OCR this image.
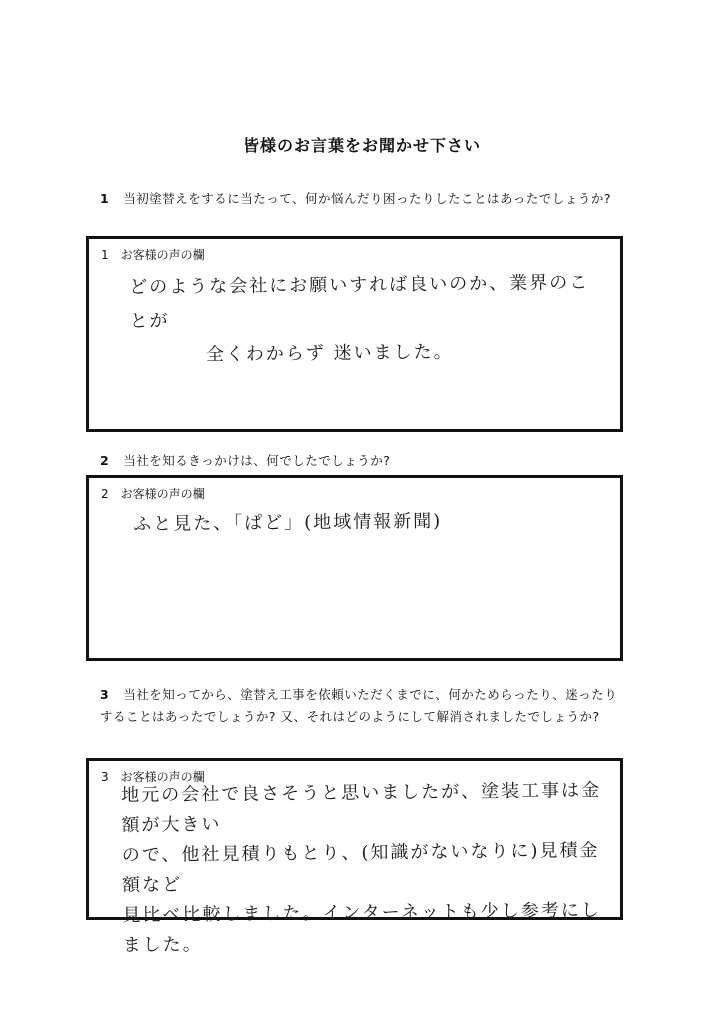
皆様のお言葉をお聞かせ下さい
1 当初塗替えをするに当たって、何か悩んだり困ったりしたことはあったでしょうか?
1 お客様の声の欄
どのような会社にお願いすれば良いのか、業界のことが
全くわからず 迷いました。
2 当社を知るきっかけは、何でしたでしょうか?
2 お客様の声の欄
ふと見た、「ぱど」(地域情報新聞)
3 当社を知ってから、塗替え工事を依頼いただくまでに、何かためらったり、迷ったりすることはあったでしょうか? 又、それはどのようにして解消されましたでしょうか?
3 お客様の声の欄
地元の会社で良さそうと思いましたが、塗装工事は金額が大きい
ので、他社見積りもとり、(知識がないなりに)見積金額など
見比べ比較しました。インターネットも少し参考にしました。
